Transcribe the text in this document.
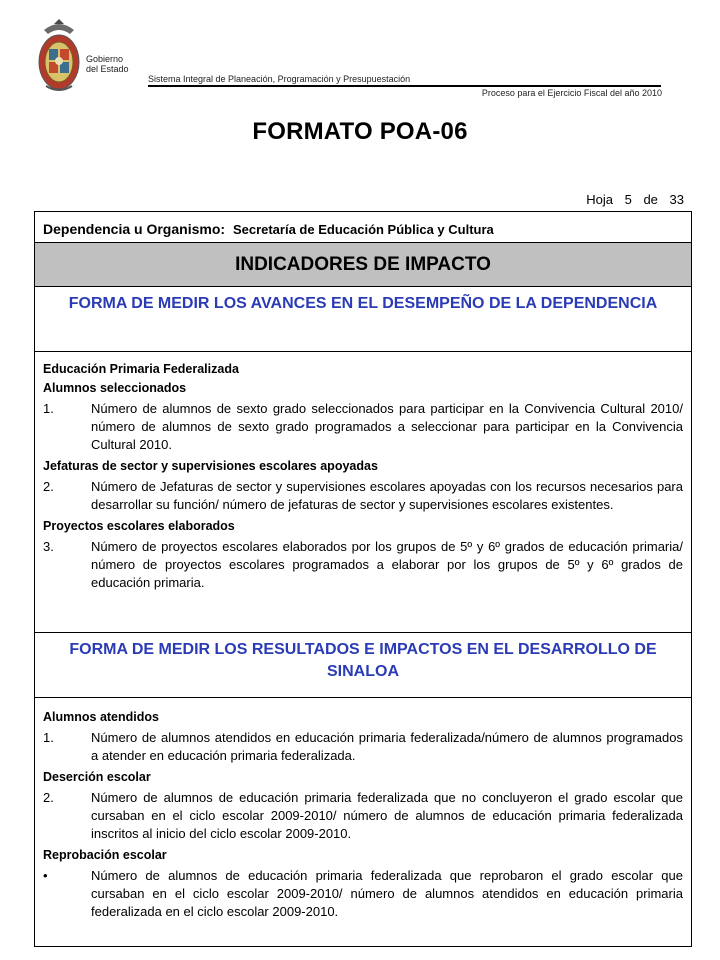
Gobierno
del Estado
Sistema Integral de Planeación, Programación y Presupuestación
Proceso para el Ejercicio Fiscal del año 2010
FORMATO POA-06
Hoja 5 de 33
Dependencia u Organismo: Secretaría de Educación Pública y Cultura
INDICADORES DE IMPACTO
FORMA DE MEDIR LOS AVANCES EN EL DESEMPEÑO DE LA DEPENDENCIA
Educación Primaria Federalizada
Alumnos seleccionados
1.	Número de alumnos de sexto grado seleccionados para participar en la Convivencia Cultural 2010/ número de alumnos de sexto grado programados a seleccionar para participar en la Convivencia Cultural 2010.
Jefaturas de sector y supervisiones escolares apoyadas
2.	Número de Jefaturas de sector y supervisiones escolares apoyadas con los recursos necesarios para desarrollar su función/ número de jefaturas de sector y supervisiones escolares existentes.
Proyectos escolares elaborados
3.	Número de proyectos escolares elaborados por los grupos de 5º y 6º grados de educación primaria/ número de proyectos escolares programados a elaborar por los grupos de 5º y 6º grados de educación primaria.
FORMA DE MEDIR LOS RESULTADOS E IMPACTOS EN EL DESARROLLO DE SINALOA
Alumnos atendidos
1.	Número de alumnos atendidos en educación primaria federalizada/número de alumnos programados a atender en educación primaria federalizada.
Deserción escolar
2.	Número de alumnos de educación primaria federalizada que no concluyeron el grado escolar que cursaban en el ciclo escolar 2009-2010/ número de alumnos de educación primaria federalizada inscritos al inicio del ciclo escolar 2009-2010.
Reprobación escolar
•	Número de alumnos de educación primaria federalizada que reprobaron el grado escolar que cursaban en el ciclo escolar 2009-2010/ número de alumnos atendidos en educación primaria federalizada en el ciclo escolar 2009-2010.
